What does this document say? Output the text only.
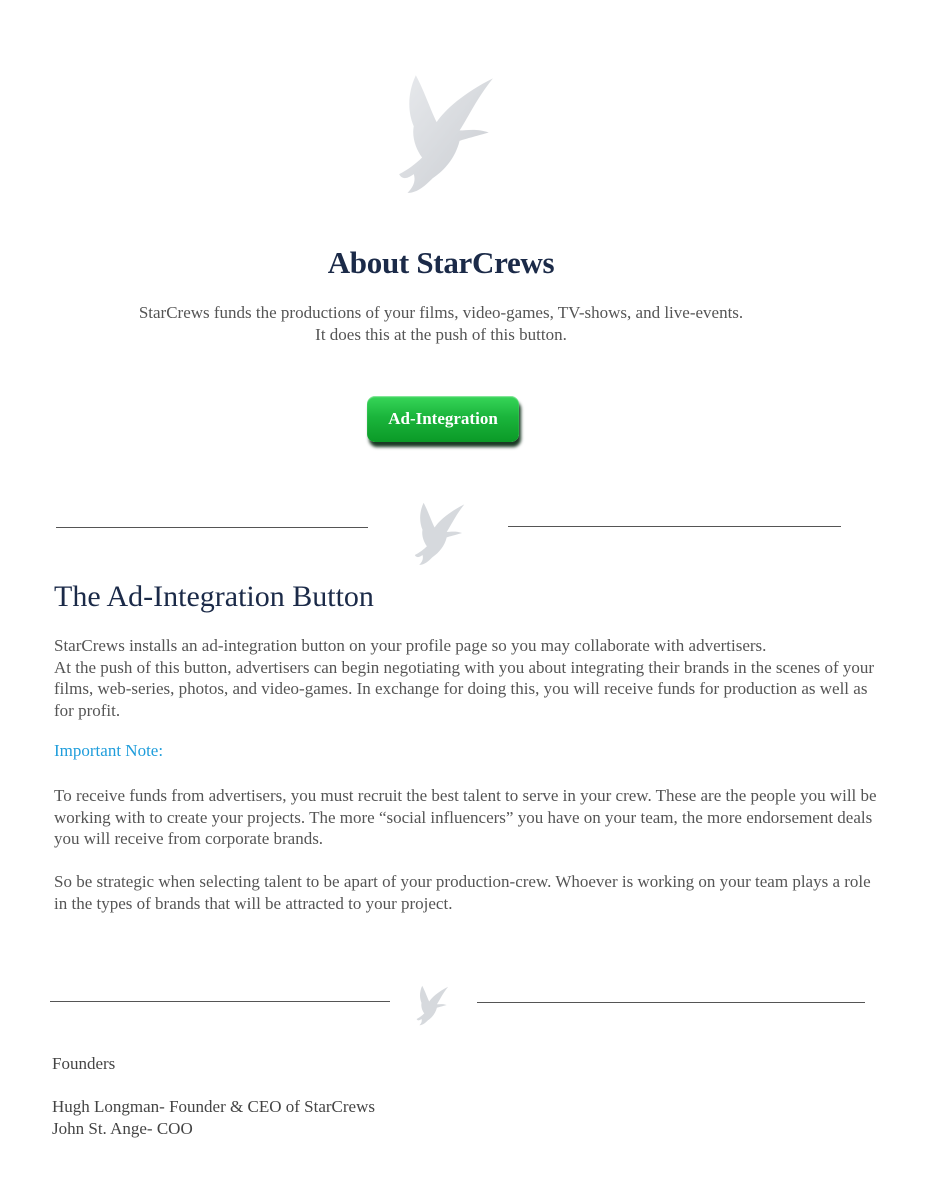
About StarCrews
StarCrews funds the productions of your films, video-games, TV-shows, and live-events.
It does this at the push of this button.
Ad-Integration
The Ad-Integration Button
StarCrews installs an ad-integration button on your profile page so you may collaborate with advertisers.
At the push of this button, advertisers can begin negotiating with you about integrating their brands in the scenes of your films, web-series, photos, and video-games. In exchange for doing this, you will receive funds for production as well as for profit.
Important Note:
To receive funds from advertisers, you must recruit the best talent to serve in your crew. These are the people you will be working with to create your projects. The more “social influencers” you have on your team, the more endorsement deals you will receive from corporate brands.
So be strategic when selecting talent to be apart of your production-crew. Whoever is working on your team plays a role in the types of brands that will be attracted to your project.
Founders
Hugh Longman- Founder & CEO of StarCrews
John St. Ange- COO
